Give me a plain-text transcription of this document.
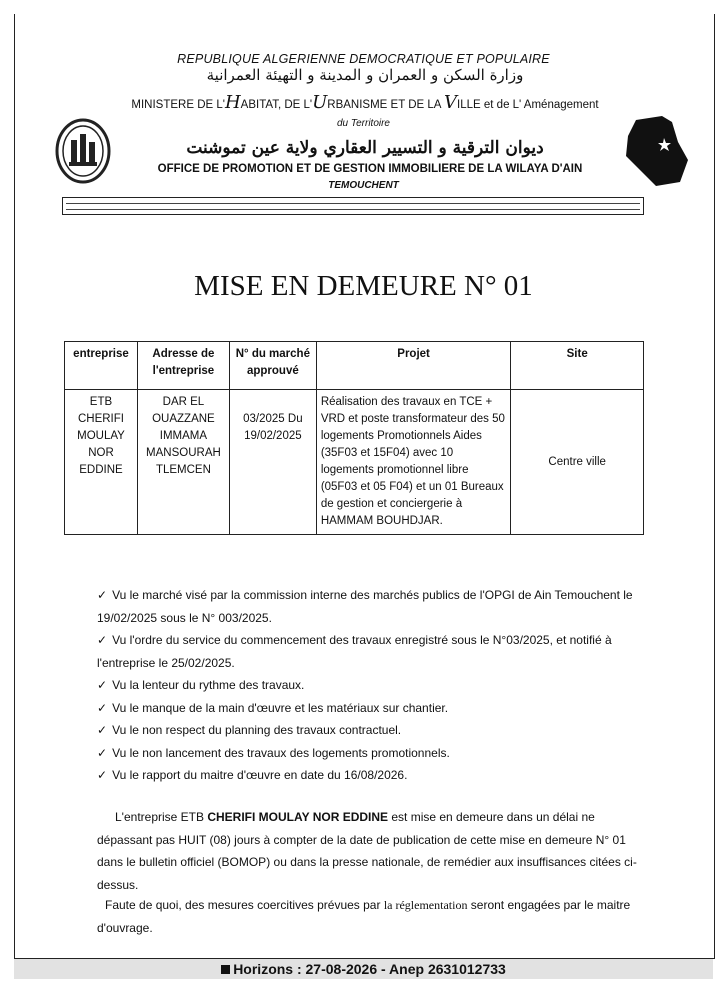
REPUBLIQUE ALGERIENNE DEMOCRATIQUE ET POPULAIRE
وزارة السكن و العمران و المدينة و التهيئة العمرانية
MINISTERE DE L'HABITAT, DE L'URBANISME ET DE LA VILLE et de L' Aménagement
du Territoire
ديوان الترقية و التسيير العقاري ولاية عين تموشنت
OFFICE DE PROMOTION ET DE GESTION IMMOBILIERE DE LA WILAYA D'AIN
TEMOUCHENT
MISE EN DEMEURE N° 01
entreprise	Adresse de l'entreprise	N° du marché approuvé	Projet	Site
ETB CHERIFI MOULAY NOR EDDINE	DAR EL OUAZZANE IMMAMA MANSOURAH TLEMCEN	03/2025 Du 19/02/2025	Réalisation des travaux en TCE + VRD et poste transformateur des 50 logements Promotionnels Aides (35F03 et 15F04) avec 10 logements promotionnel libre (05F03 et 05 F04) et un 01 Bureaux de gestion et conciergerie à HAMMAM BOUHDJAR.	Centre ville
✓ Vu le marché visé par la commission interne des marchés publics de l'OPGI de Ain Temouchent le 19/02/2025 sous le N° 003/2025.
✓ Vu l'ordre du service du commencement des travaux enregistré sous le N°03/2025, et notifié à l'entreprise le 25/02/2025.
✓ Vu la lenteur du rythme des travaux.
✓ Vu le manque de la main d'œuvre et les matériaux sur chantier.
✓ Vu le non respect du planning des travaux contractuel.
✓ Vu le non lancement des travaux des logements promotionnels.
✓ Vu le rapport du maitre d'œuvre en date du 16/08/2026.
L'entreprise ETB CHERIFI MOULAY NOR EDDINE est mise en demeure dans un délai ne dépassant pas HUIT (08) jours à compter de la date de publication de cette mise en demeure N° 01 dans le bulletin officiel (BOMOP) ou dans la presse nationale, de remédier aux insuffisances citées ci-dessus.
Faute de quoi, des mesures coercitives prévues par la réglementation seront engagées par le maitre d'ouvrage.
Horizons : 27-08-2026 - Anep 2631012733
